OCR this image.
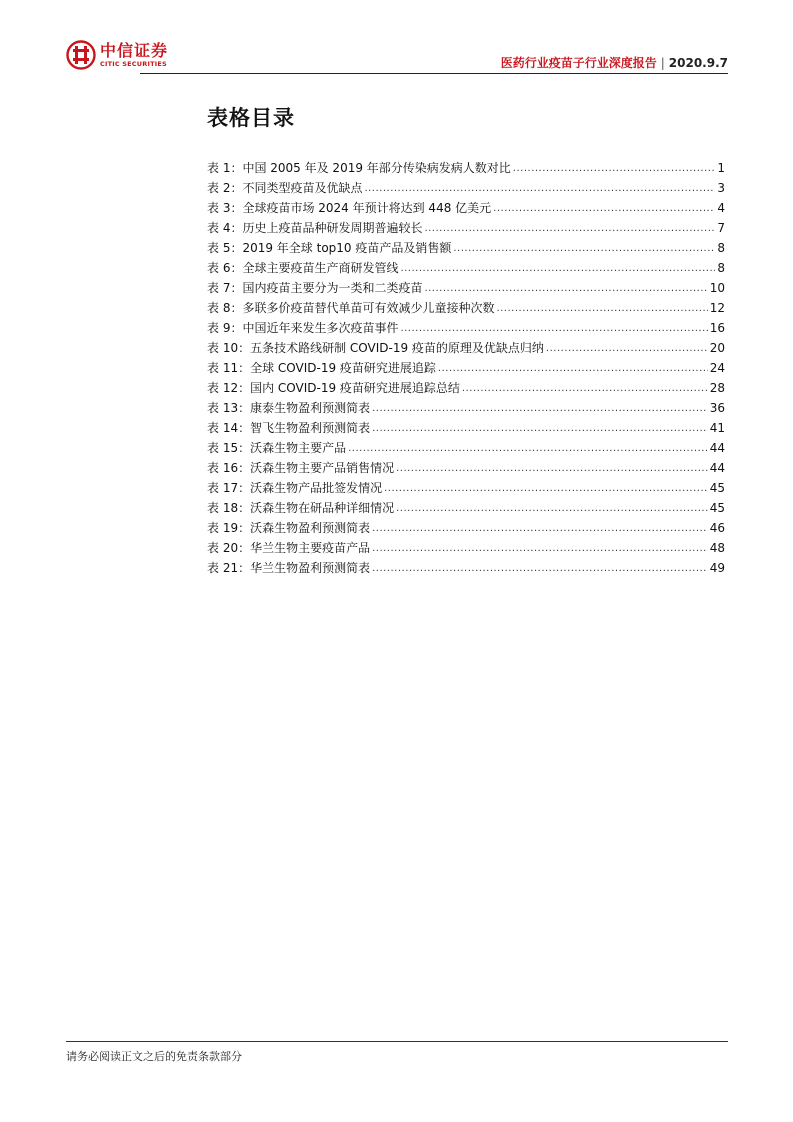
中信证券
CITIC SECURITIES	医药行业疫苗子行业深度报告 | 2020.9.7
表格目录
表 1：中国 2005 年及 2019 年部分传染病发病人数对比 .....	1
表 2：不同类型疫苗及优缺点 .....	3
表 3：全球疫苗市场 2024 年预计将达到 448 亿美元 .....	4
表 4：历史上疫苗品种研发周期普遍较长 .....	7
表 5：2019 年全球 top10 疫苗产品及销售额 .....	8
表 6：全球主要疫苗生产商研发管线 .....	8
表 7：国内疫苗主要分为一类和二类疫苗 .....	10
表 8：多联多价疫苗替代单苗可有效减少儿童接种次数 .....	12
表 9：中国近年来发生多次疫苗事件 .....	16
表 10：五条技术路线研制 COVID-19 疫苗的原理及优缺点归纳 .....	20
表 11：全球 COVID-19 疫苗研究进展追踪 .....	24
表 12：国内 COVID-19 疫苗研究进展追踪总结 .....	28
表 13：康泰生物盈利预测简表 .....	36
表 14：智飞生物盈利预测简表 .....	41
表 15：沃森生物主要产品 .....	44
表 16：沃森生物主要产品销售情况 .....	44
表 17：沃森生物产品批签发情况 .....	45
表 18：沃森生物在研品种详细情况 .....	45
表 19：沃森生物盈利预测简表 .....	46
表 20：华兰生物主要疫苗产品 .....	48
表 21：华兰生物盈利预测简表 .....	49
请务必阅读正文之后的免责条款部分
